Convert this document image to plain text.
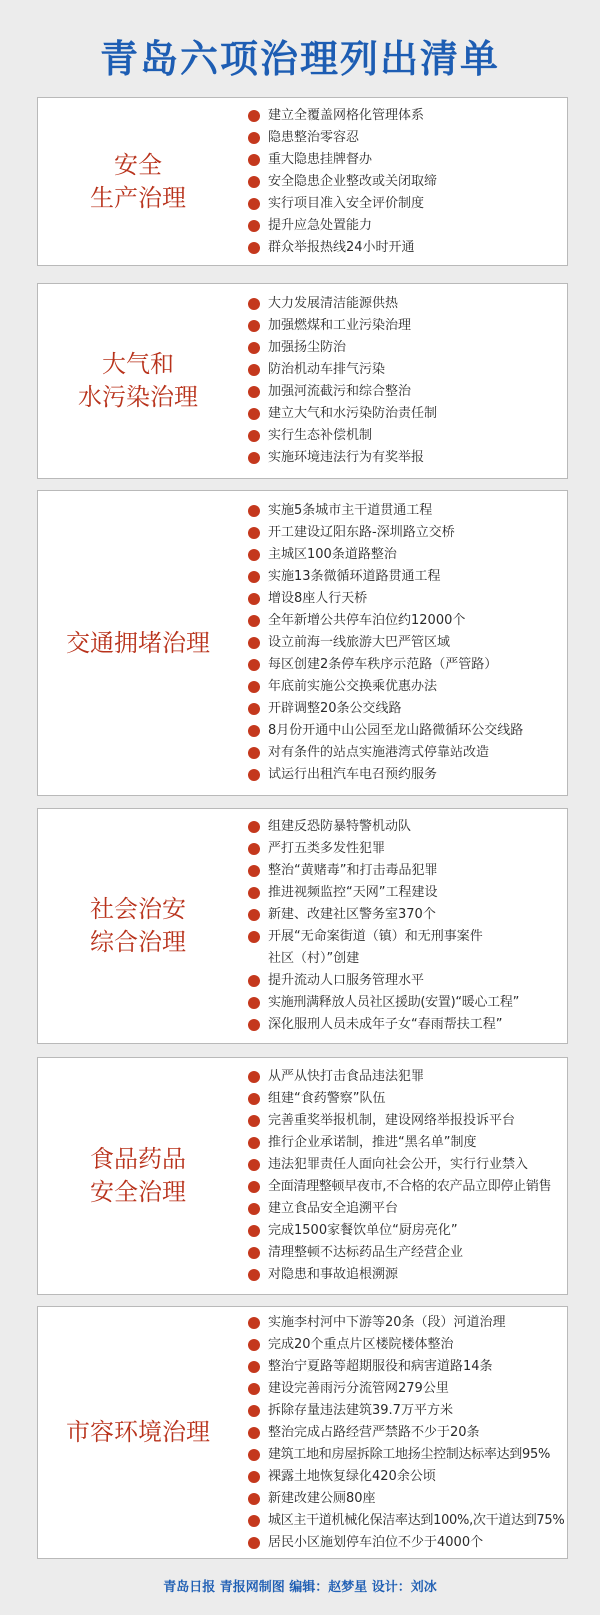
青岛六项治理列出清单
安全
生产治理
建立全覆盖网格化管理体系
隐患整治零容忍
重大隐患挂牌督办
安全隐患企业整改或关闭取缔
实行项目准入安全评价制度
提升应急处置能力
群众举报热线24小时开通
大气和
水污染治理
大力发展清洁能源供热
加强燃煤和工业污染治理
加强扬尘防治
防治机动车排气污染
加强河流截污和综合整治
建立大气和水污染防治责任制
实行生态补偿机制
实施环境违法行为有奖举报
交通拥堵治理
实施5条城市主干道贯通工程
开工建设辽阳东路-深圳路立交桥
主城区100条道路整治
实施13条微循环道路贯通工程
增设8座人行天桥
全年新增公共停车泊位约12000个
设立前海一线旅游大巴严管区域
每区创建2条停车秩序示范路（严管路）
年底前实施公交换乘优惠办法
开辟调整20条公交线路
8月份开通中山公园至龙山路微循环公交线路
对有条件的站点实施港湾式停靠站改造
试运行出租汽车电召预约服务
社会治安
综合治理
组建反恐防暴特警机动队
严打五类多发性犯罪
整治“黄赌毒”和打击毒品犯罪
推进视频监控“天网”工程建设
新建、改建社区警务室370个
开展“无命案街道（镇）和无刑事案件
社区（村）”创建
提升流动人口服务管理水平
实施刑满释放人员社区援助(安置)“暖心工程”
深化服刑人员未成年子女“春雨帮扶工程”
食品药品
安全治理
从严从快打击食品违法犯罪
组建“食药警察”队伍
完善重奖举报机制，建设网络举报投诉平台
推行企业承诺制，推进“黑名单”制度
违法犯罪责任人面向社会公开，实行行业禁入
全面清理整顿早夜市,不合格的农产品立即停止销售
建立食品安全追溯平台
完成1500家餐饮单位“厨房亮化”
清理整顿不达标药品生产经营企业
对隐患和事故追根溯源
市容环境治理
实施李村河中下游等20条（段）河道治理
完成20个重点片区楼院楼体整治
整治宁夏路等超期服役和病害道路14条
建设完善雨污分流管网279公里
拆除存量违法建筑39.7万平方米
整治完成占路经营严禁路不少于20条
建筑工地和房屋拆除工地扬尘控制达标率达到95%
裸露土地恢复绿化420余公顷
新建改建公厕80座
城区主干道机械化保洁率达到100%,次干道达到75%
居民小区施划停车泊位不少于4000个
青岛日报 青报网制图 编辑：赵梦星 设计：刘冰
